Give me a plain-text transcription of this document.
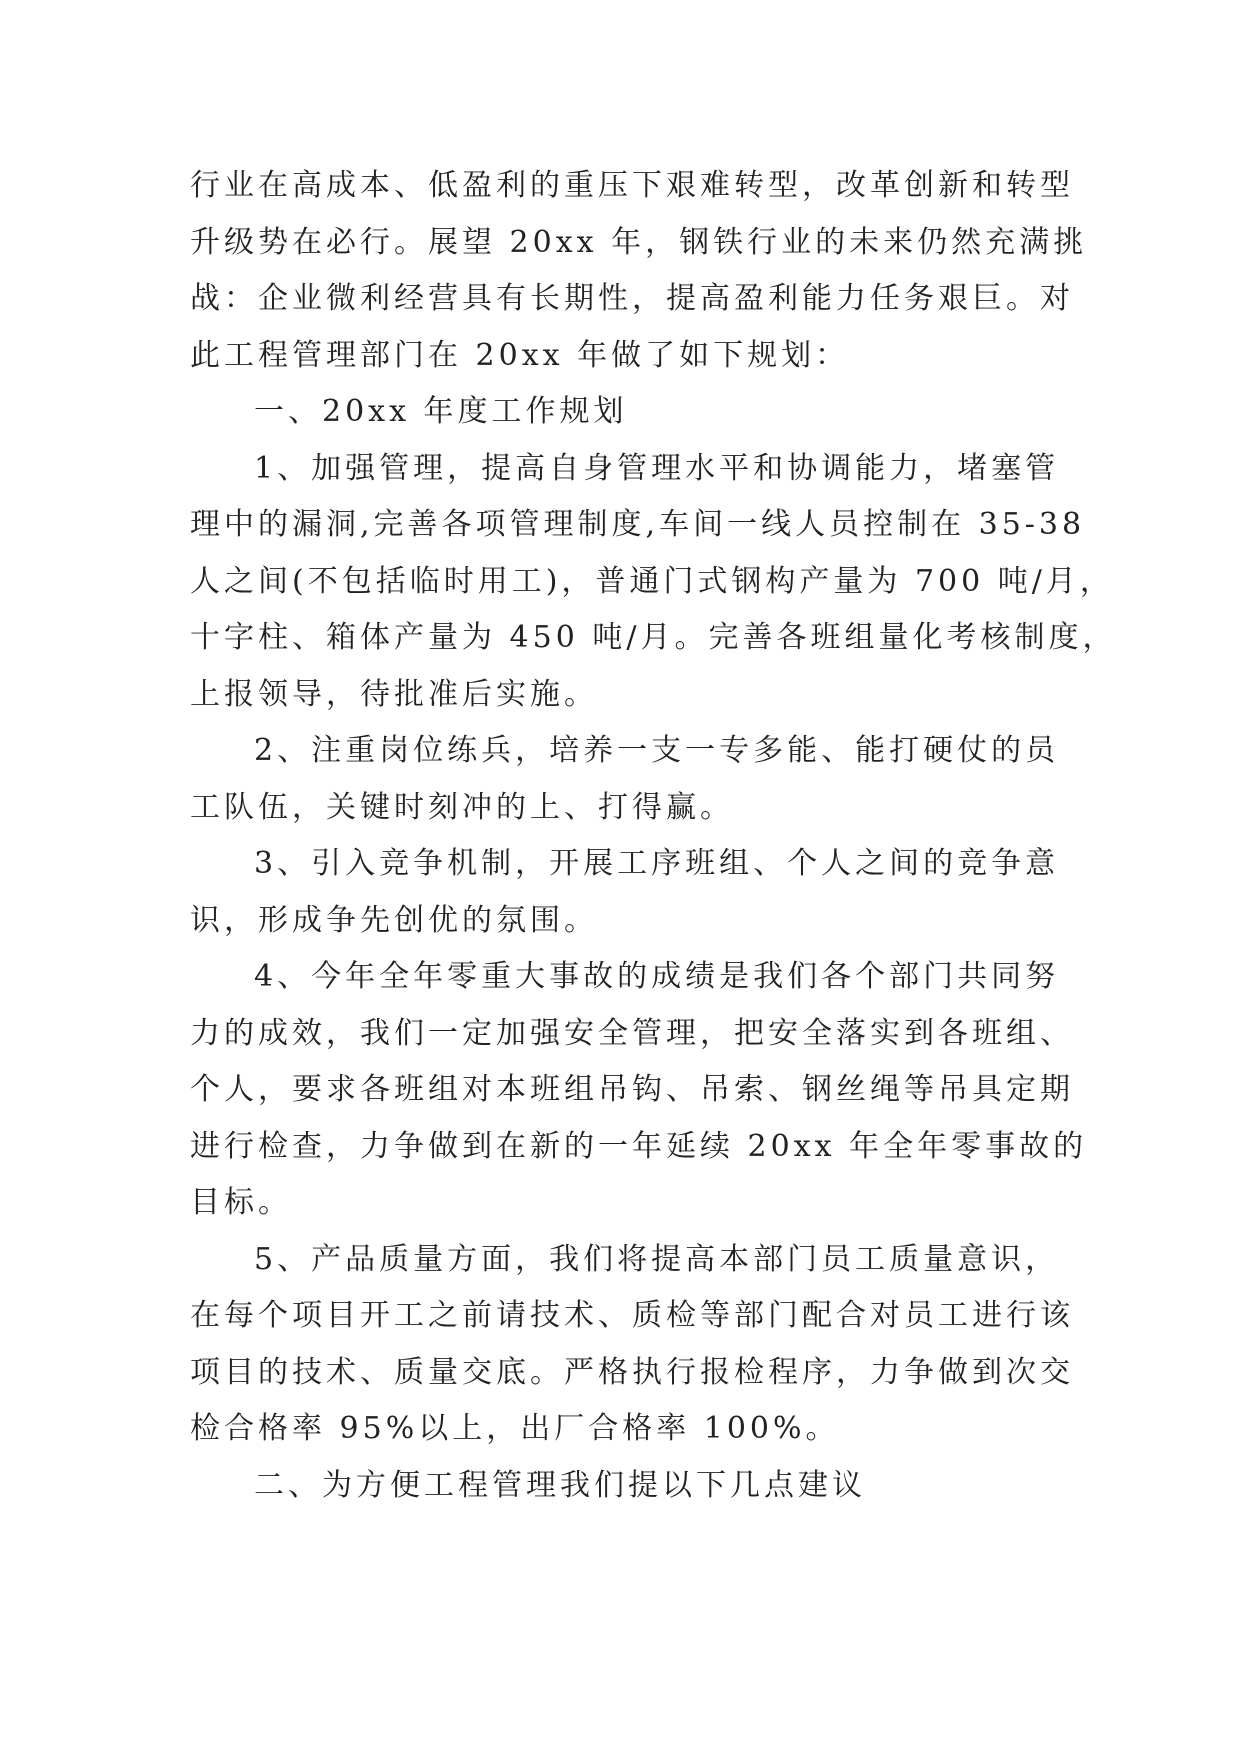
行业在高成本、低盈利的重压下艰难转型，改革创新和转型
升级势在必行。展望 20xx 年，钢铁行业的未来仍然充满挑
战：企业微利经营具有长期性，提高盈利能力任务艰巨。对
此工程管理部门在 20xx 年做了如下规划：

一、20xx 年度工作规划

1、加强管理，提高自身管理水平和协调能力，堵塞管
理中的漏洞,完善各项管理制度,车间一线人员控制在 35-38
人之间(不包括临时用工)，普通门式钢构产量为 700 吨/月，
十字柱、箱体产量为 450 吨/月。完善各班组量化考核制度，
上报领导，待批准后实施。

2、注重岗位练兵，培养一支一专多能、能打硬仗的员
工队伍，关键时刻冲的上、打得赢。

3、引入竞争机制，开展工序班组、个人之间的竞争意
识，形成争先创优的氛围。

4、今年全年零重大事故的成绩是我们各个部门共同努
力的成效，我们一定加强安全管理，把安全落实到各班组、
个人，要求各班组对本班组吊钩、吊索、钢丝绳等吊具定期
进行检查，力争做到在新的一年延续 20xx 年全年零事故的
目标。

5、产品质量方面，我们将提高本部门员工质量意识，
在每个项目开工之前请技术、质检等部门配合对员工进行该
项目的技术、质量交底。严格执行报检程序，力争做到次交
检合格率 95%以上，出厂合格率 100%。

二、为方便工程管理我们提以下几点建议
